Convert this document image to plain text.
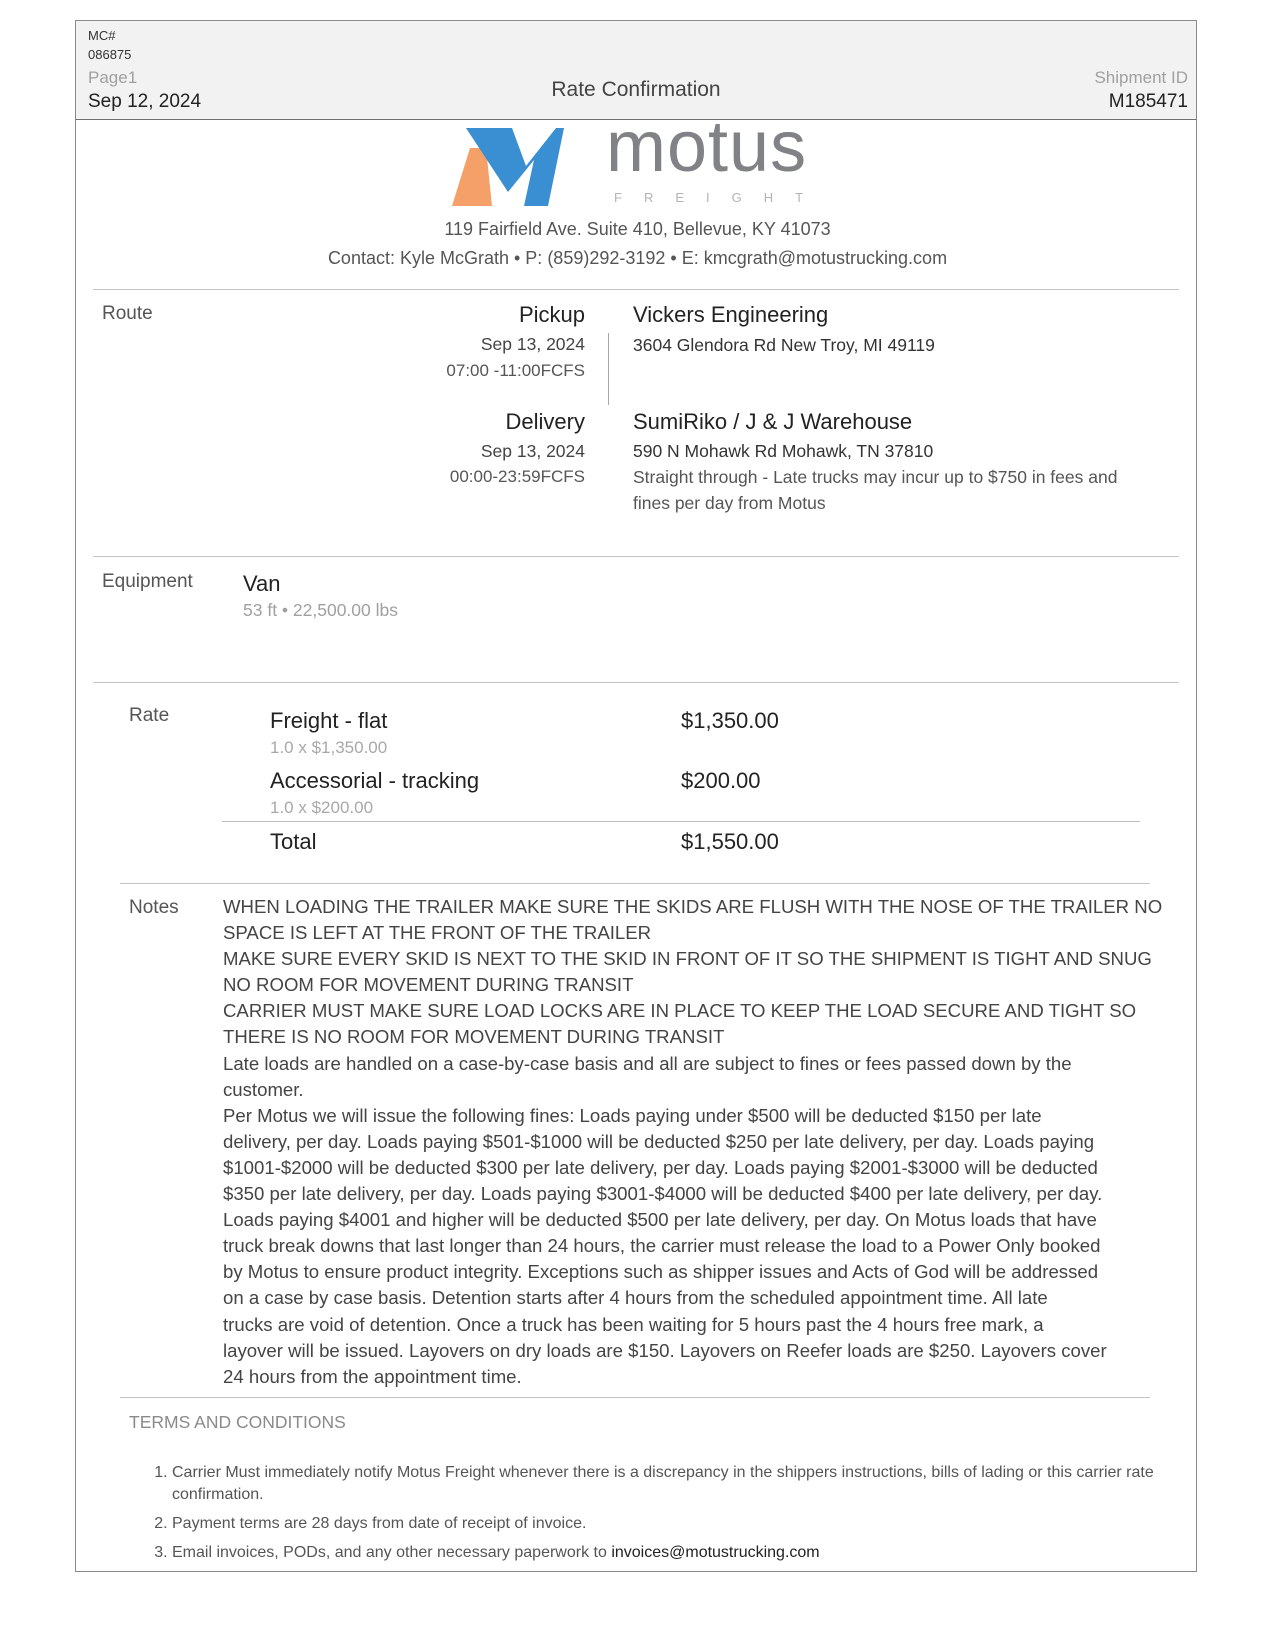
MC#
086875
Page1
Sep 12, 2024
Rate Confirmation
Shipment ID
M185471
motus
FREIGHT
119 Fairfield Ave. Suite 410, Bellevue, KY 41073
Contact: Kyle McGrath • P: (859)292-3192 • E: kmcgrath@motustrucking.com
Route	Pickup
Sep 13, 2024
07:00 -11:00FCFS
Vickers Engineering
3604 Glendora Rd New Troy, MI 49119
Delivery
Sep 13, 2024
00:00-23:59FCFS
SumiRiko / J & J Warehouse
590 N Mohawk Rd Mohawk, TN 37810
Straight through - Late trucks may incur up to $750 in fees and
fines per day from Motus
Equipment Van
53 ft • 22,500.00 lbs
Rate	Freight - flat
1.0 x $1,350.00
$1,350.00
Accessorial - tracking
1.0 x $200.00
$200.00
Total	$1,550.00
Notes WHEN LOADING THE TRAILER MAKE SURE THE SKIDS ARE FLUSH WITH THE NOSE OF THE TRAILER NO
SPACE IS LEFT AT THE FRONT OF THE TRAILER
MAKE SURE EVERY SKID IS NEXT TO THE SKID IN FRONT OF IT SO THE SHIPMENT IS TIGHT AND SNUG
NO ROOM FOR MOVEMENT DURING TRANSIT
CARRIER MUST MAKE SURE LOAD LOCKS ARE IN PLACE TO KEEP THE LOAD SECURE AND TIGHT SO
THERE IS NO ROOM FOR MOVEMENT DURING TRANSIT
Late loads are handled on a case-by-case basis and all are subject to fines or fees passed down by the
customer.
Per Motus we will issue the following fines: Loads paying under $500 will be deducted $150 per late
delivery, per day. Loads paying $501-$1000 will be deducted $250 per late delivery, per day. Loads paying
$1001-$2000 will be deducted $300 per late delivery, per day. Loads paying $2001-$3000 will be deducted
$350 per late delivery, per day. Loads paying $3001-$4000 will be deducted $400 per late delivery, per day.
Loads paying $4001 and higher will be deducted $500 per late delivery, per day. On Motus loads that have
truck break downs that last longer than 24 hours, the carrier must release the load to a Power Only booked
by Motus to ensure product integrity. Exceptions such as shipper issues and Acts of God will be addressed
on a case by case basis. Detention starts after 4 hours from the scheduled appointment time. All late
trucks are void of detention. Once a truck has been waiting for 5 hours past the 4 hours free mark, a
layover will be issued. Layovers on dry loads are $150. Layovers on Reefer loads are $250. Layovers cover
24 hours from the appointment time.
TERMS AND CONDITIONS
1. Carrier Must immediately notify Motus Freight whenever there is a discrepancy in the shippers instructions, bills of lading or this carrier rate confirmation.
2. Payment terms are 28 days from date of receipt of invoice.
3. Email invoices, PODs, and any other necessary paperwork to invoices@motustrucking.com
